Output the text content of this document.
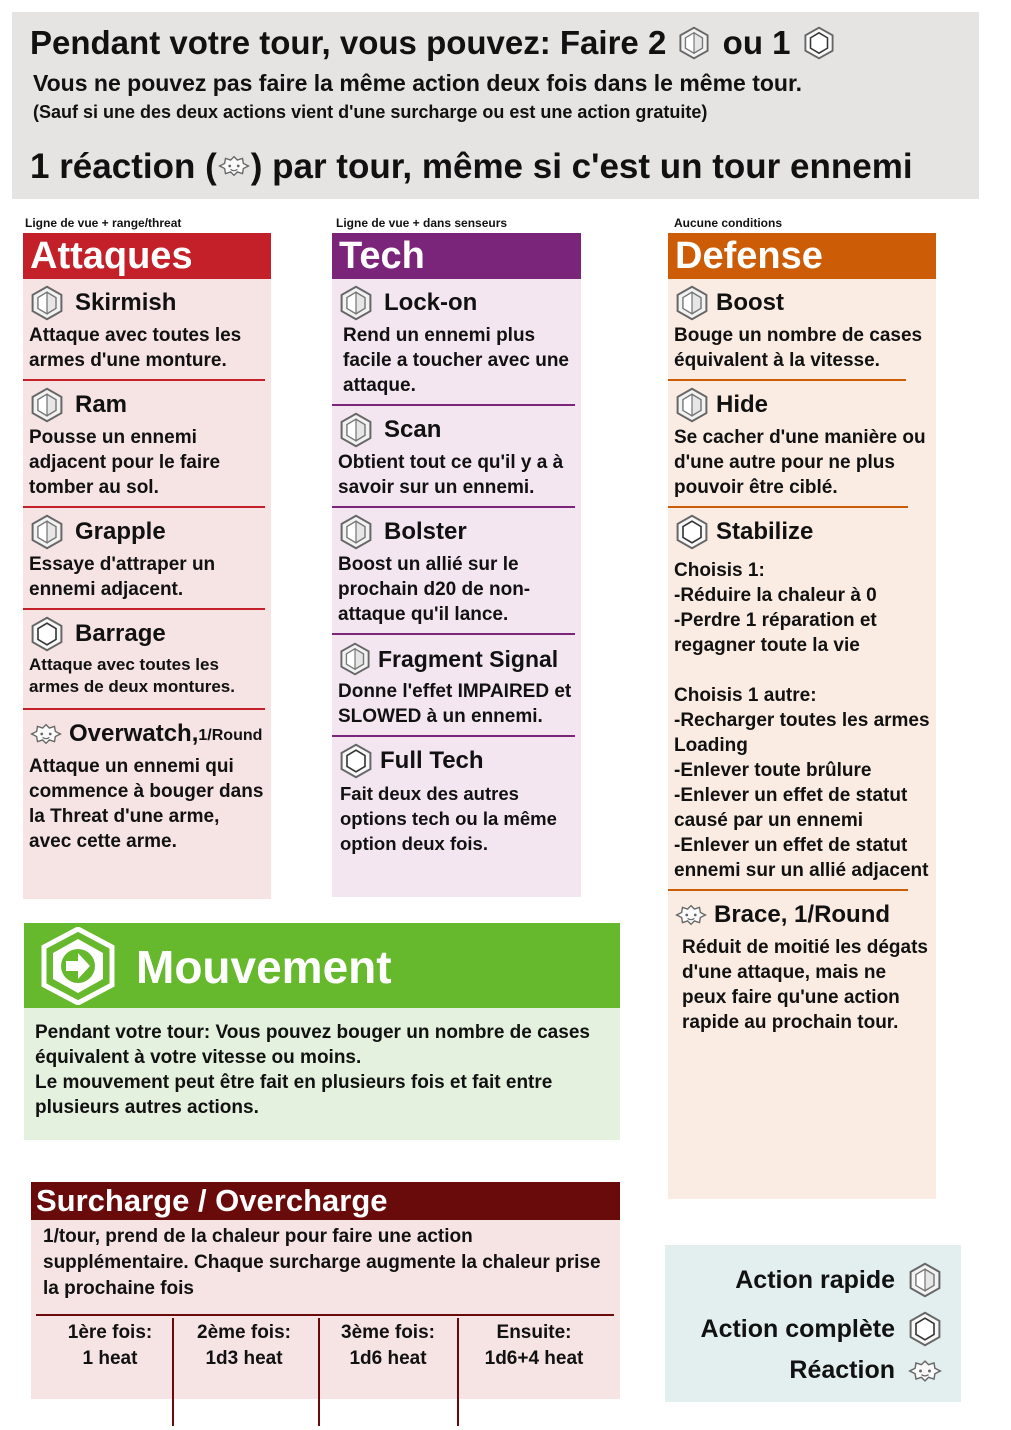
Pendant votre tour, vous pouvez: Faire 2 ou 1
Vous ne pouvez pas faire la même action deux fois dans le même tour.
(Sauf si une des deux actions vient d'une surcharge ou est une action gratuite)
1 réaction ( ) par tour, même si c'est un tour ennemi
Ligne de vue + range/threat	Ligne de vue + dans senseurs	Aucune conditions
Attaques
Skirmish
Attaque avec toutes les armes d'une monture.
Ram
Pousse un ennemi adjacent pour le faire tomber au sol.
Grapple
Essaye d'attraper un ennemi adjacent.
Barrage
Attaque avec toutes les armes de deux montures.
Overwatch, 1/Round
Attaque un ennemi qui commence à bouger dans la Threat d'une arme, avec cette arme.
Tech
Lock-on
Rend un ennemi plus facile a toucher avec une attaque.
Scan
Obtient tout ce qu'il y a à savoir sur un ennemi.
Bolster
Boost un allié sur le prochain d20 de non-attaque qu'il lance.
Fragment Signal
Donne l'effet IMPAIRED et SLOWED à un ennemi.
Full Tech
Fait deux des autres options tech ou la même option deux fois.
Defense
Boost
Bouge un nombre de cases équivalent à la vitesse.
Hide
Se cacher d'une manière ou d'une autre pour ne plus pouvoir être ciblé.
Stabilize
Choisis 1:
-Réduire la chaleur à 0
-Perdre 1 réparation et regagner toute la vie
Choisis 1 autre:
-Recharger toutes les armes Loading
-Enlever toute brûlure
-Enlever un effet de statut causé par un ennemi
-Enlever un effet de statut ennemi sur un allié adjacent
Brace, 1/Round
Réduit de moitié les dégats d'une attaque, mais ne peux faire qu'une action rapide au prochain tour.
Mouvement
Pendant votre tour: Vous pouvez bouger un nombre de cases équivalent à votre vitesse ou moins.
Le mouvement peut être fait en plusieurs fois et fait entre plusieurs autres actions.
Surcharge / Overcharge
1/tour, prend de la chaleur pour faire une action supplémentaire. Chaque surcharge augmente la chaleur prise la prochaine fois
1ère fois:
1 heat
2ème fois:
1d3 heat
3ème fois:
1d6 heat
Ensuite:
1d6+4 heat
Action rapide
Action complète
Réaction
